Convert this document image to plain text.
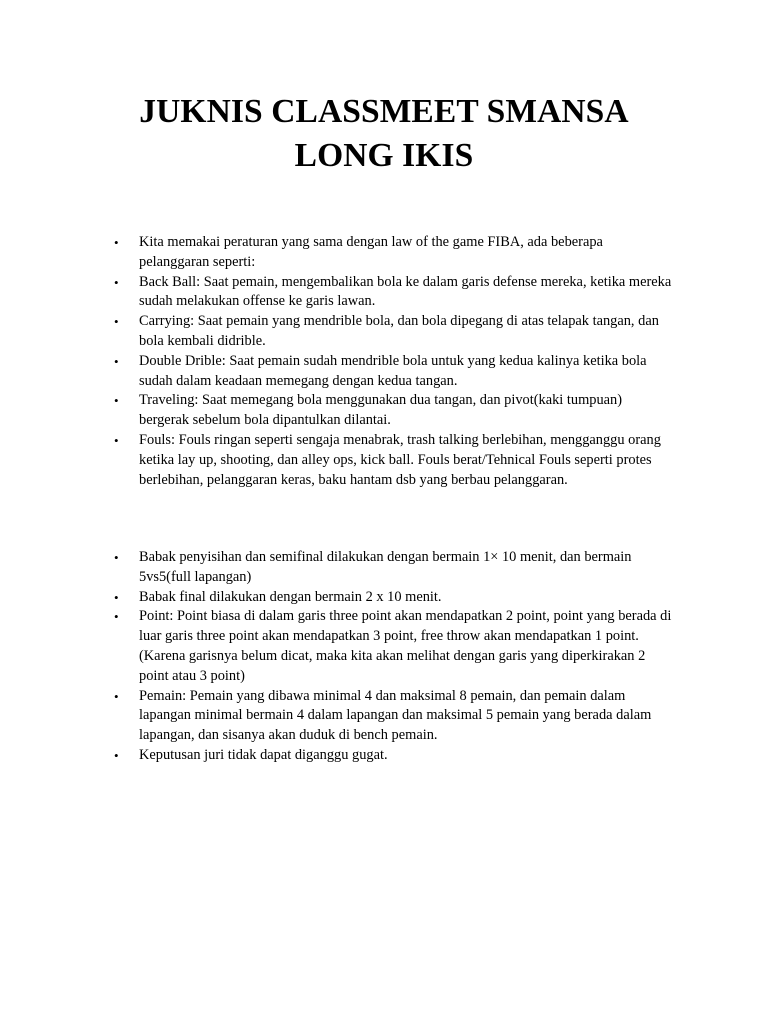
JUKNIS CLASSMEET SMANSA
LONG IKIS
• Kita memakai peraturan yang sama dengan law of the game FIBA, ada beberapa pelanggaran seperti:
• Back Ball: Saat pemain, mengembalikan bola ke dalam garis defense mereka, ketika mereka sudah melakukan offense ke garis lawan.
• Carrying: Saat pemain yang mendrible bola, dan bola dipegang di atas telapak tangan, dan bola kembali didrible.
• Double Drible: Saat pemain sudah mendrible bola untuk yang kedua kalinya ketika bola sudah dalam keadaan memegang dengan kedua tangan.
• Traveling: Saat memegang bola menggunakan dua tangan, dan pivot(kaki tumpuan) bergerak sebelum bola dipantulkan dilantai.
• Fouls: Fouls ringan seperti sengaja menabrak, trash talking berlebihan, mengganggu orang ketika lay up, shooting, dan alley ops, kick ball. Fouls berat/Tehnical Fouls seperti protes berlebihan, pelanggaran keras, baku hantam dsb yang berbau pelanggaran.
• Babak penyisihan dan semifinal dilakukan dengan bermain 1× 10 menit, dan bermain 5vs5(full lapangan)
• Babak final dilakukan dengan bermain 2 x 10 menit.
• Point: Point biasa di dalam garis three point akan mendapatkan 2 point, point yang berada di luar garis three point akan mendapatkan 3 point, free throw akan mendapatkan 1 point.(Karena garisnya belum dicat, maka kita akan melihat dengan garis yang diperkirakan 2 point atau 3 point)
• Pemain: Pemain yang dibawa minimal 4 dan maksimal 8 pemain, dan pemain dalam lapangan minimal bermain 4 dalam lapangan dan maksimal 5 pemain yang berada dalam lapangan, dan sisanya akan duduk di bench pemain.
• Keputusan juri tidak dapat diganggu gugat.
